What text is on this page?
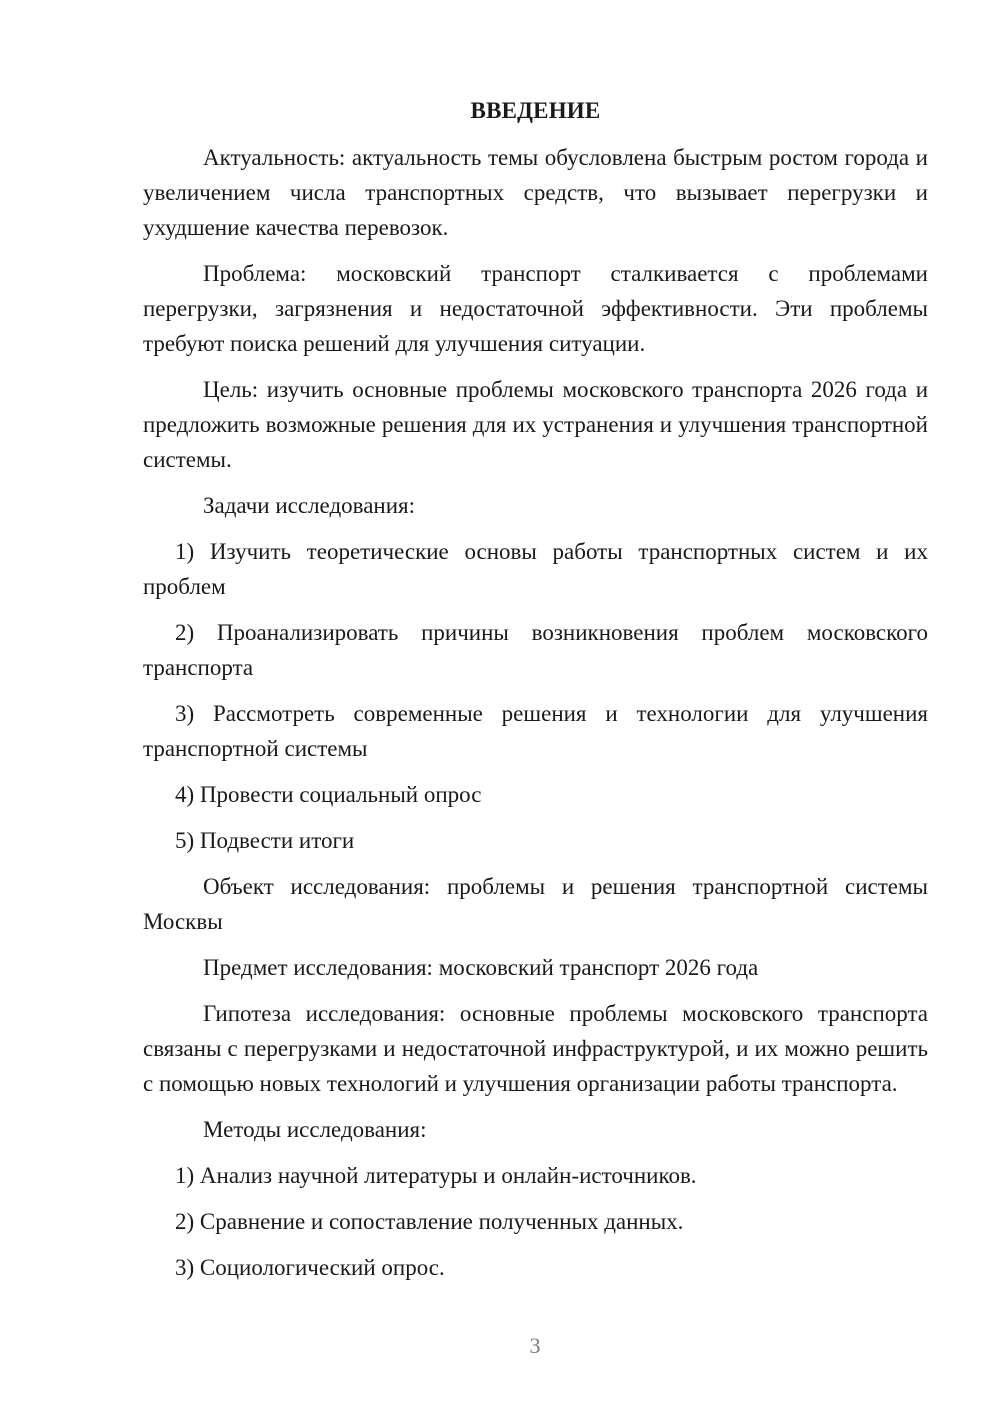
ВВЕДЕНИЕ

Актуальность: актуальность темы обусловлена быстрым ростом города и увеличением числа транспортных средств, что вызывает перегрузки и ухудшение качества перевозок.

Проблема: московский транспорт сталкивается с проблемами перегрузки, загрязнения и недостаточной эффективности. Эти проблемы требуют поиска решений для улучшения ситуации.

Цель: изучить основные проблемы московского транспорта 2026 года и предложить возможные решения для их устранения и улучшения транспортной системы.

Задачи исследования:

1) Изучить теоретические основы работы транспортных систем и их проблем

2) Проанализировать причины возникновения проблем московского транспорта

3) Рассмотреть современные решения и технологии для улучшения транспортной системы

4) Провести социальный опрос

5) Подвести итоги

Объект исследования: проблемы и решения транспортной системы Москвы

Предмет исследования: московский транспорт 2026 года

Гипотеза исследования: основные проблемы московского транспорта связаны с перегрузками и недостаточной инфраструктурой, и их можно решить с помощью новых технологий и улучшения организации работы транспорта.

Методы исследования:

1) Анализ научной литературы и онлайн-источников.

2) Сравнение и сопоставление полученных данных.

3) Социологический опрос.

3
